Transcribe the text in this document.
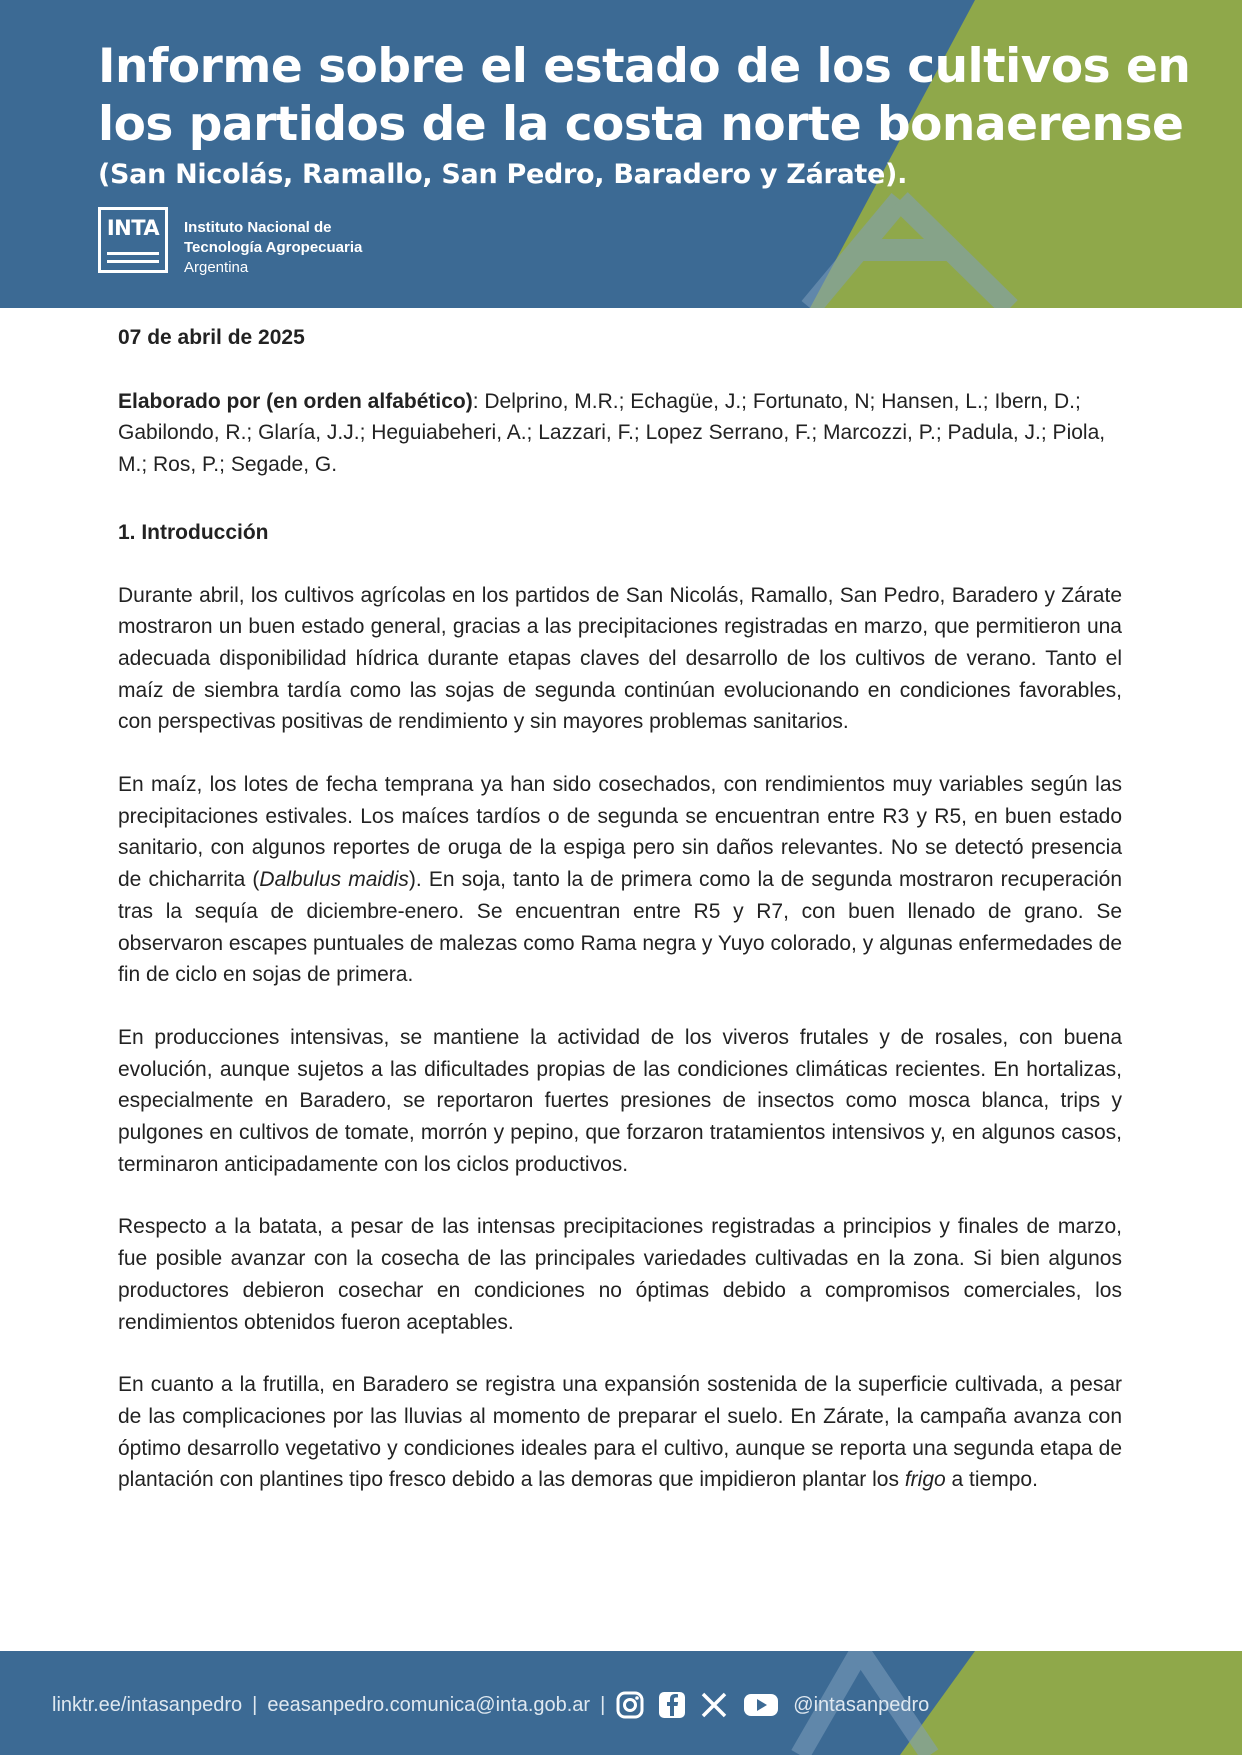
Informe sobre el estado de los cultivos en los partidos de la costa norte bonaerense
(San Nicolás, Ramallo, San Pedro, Baradero y Zárate).
INTA	Instituto Nacional de
Tecnología Agropecuaria
Argentina

07 de abril de 2025

Elaborado por (en orden alfabético): Delprino, M.R.; Echagüe, J.; Fortunato, N; Hansen, L.; Ibern, D.; Gabilondo, R.; Glaría, J.J.; Heguiabeheri, A.; Lazzari, F.; Lopez Serrano, F.; Marcozzi, P.; Padula, J.; Piola, M.; Ros, P.; Segade, G.

1. Introducción

Durante abril, los cultivos agrícolas en los partidos de San Nicolás, Ramallo, San Pedro, Baradero y Zárate mostraron un buen estado general, gracias a las precipitaciones registradas en marzo, que permitieron una adecuada disponibilidad hídrica durante etapas claves del desarrollo de los cultivos de verano. Tanto el maíz de siembra tardía como las sojas de segunda continúan evolucionando en condiciones favorables, con perspectivas positivas de rendimiento y sin mayores problemas sanitarios.

En maíz, los lotes de fecha temprana ya han sido cosechados, con rendimientos muy variables según las precipitaciones estivales. Los maíces tardíos o de segunda se encuentran entre R3 y R5, en buen estado sanitario, con algunos reportes de oruga de la espiga pero sin daños relevantes. No se detectó presencia de chicharrita (Dalbulus maidis). En soja, tanto la de primera como la de segunda mostraron recuperación tras la sequía de diciembre-enero. Se encuentran entre R5 y R7, con buen llenado de grano. Se observaron escapes puntuales de malezas como Rama negra y Yuyo colorado, y algunas enfermedades de fin de ciclo en sojas de primera.

En producciones intensivas, se mantiene la actividad de los viveros frutales y de rosales, con buena evolución, aunque sujetos a las dificultades propias de las condiciones climáticas recientes. En hortalizas, especialmente en Baradero, se reportaron fuertes presiones de insectos como mosca blanca, trips y pulgones en cultivos de tomate, morrón y pepino, que forzaron tratamientos intensivos y, en algunos casos, terminaron anticipadamente con los ciclos productivos.

Respecto a la batata, a pesar de las intensas precipitaciones registradas a principios y finales de marzo, fue posible avanzar con la cosecha de las principales variedades cultivadas en la zona. Si bien algunos productores debieron cosechar en condiciones no óptimas debido a compromisos comerciales, los rendimientos obtenidos fueron aceptables.

En cuanto a la frutilla, en Baradero se registra una expansión sostenida de la superficie cultivada, a pesar de las complicaciones por las lluvias al momento de preparar el suelo. En Zárate, la campaña avanza con óptimo desarrollo vegetativo y condiciones ideales para el cultivo, aunque se reporta una segunda etapa de plantación con plantines tipo fresco debido a las demoras que impidieron plantar los frigo a tiempo.

linktr.ee/intasanpedro | eeasanpedro.comunica@inta.gob.ar |	@intasanpedro
